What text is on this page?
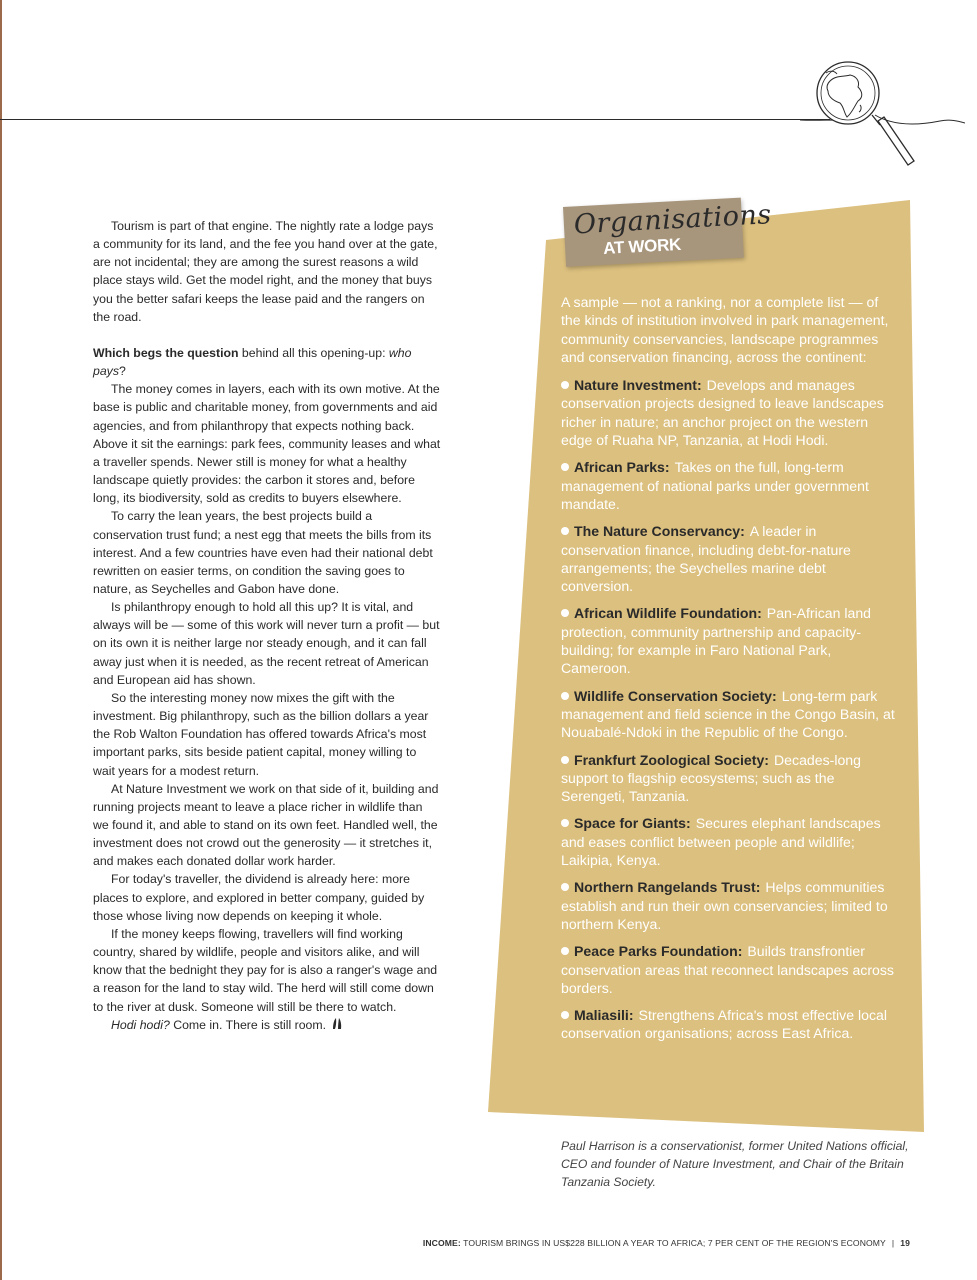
Tourism is part of that engine. The nightly rate a lodge pays a community for its land, and the fee you hand over at the gate, are not incidental; they are among the surest reasons a wild place stays wild. Get the model right, and the money that buys you the better safari keeps the lease paid and the rangers on the road.

Which begs the question behind all this opening-up: who pays?

The money comes in layers, each with its own motive. At the base is public and charitable money, from governments and aid agencies, and from philanthropy that expects nothing back. Above it sit the earnings: park fees, community leases and what a traveller spends. Newer still is money for what a healthy landscape quietly provides: the carbon it stores and, before long, its biodiversity, sold as credits to buyers elsewhere.

To carry the lean years, the best projects build a conservation trust fund; a nest egg that meets the bills from its interest. And a few countries have even had their national debt rewritten on easier terms, on condition the saving goes to nature, as Seychelles and Gabon have done.

Is philanthropy enough to hold all this up? It is vital, and always will be — some of this work will never turn a profit — but on its own it is neither large nor steady enough, and it can fall away just when it is needed, as the recent retreat of American and European aid has shown.

So the interesting money now mixes the gift with the investment. Big philanthropy, such as the billion dollars a year the Rob Walton Foundation has offered towards Africa's most important parks, sits beside patient capital, money willing to wait years for a modest return.

At Nature Investment we work on that side of it, building and running projects meant to leave a place richer in wildlife than we found it, and able to stand on its own feet. Handled well, the investment does not crowd out the generosity — it stretches it, and makes each donated dollar work harder.

For today's traveller, the dividend is already here: more places to explore, and explored in better company, guided by those whose living now depends on keeping it whole.

If the money keeps flowing, travellers will find working country, shared by wildlife, people and visitors alike, and will know that the bednight they pay for is also a ranger's wage and a reason for the land to stay wild. The herd will still come down to the river at dusk. Someone will still be there to watch.

Hodi hodi? Come in. There is still room.

Organisations
AT WORK

A sample — not a ranking, nor a complete list — of the kinds of institution involved in park management, community conservancies, landscape programmes and conservation financing, across the continent:

Nature Investment: Develops and manages conservation projects designed to leave landscapes richer in nature; an anchor project on the western edge of Ruaha NP, Tanzania, at Hodi Hodi.

African Parks: Takes on the full, long-term management of national parks under government mandate.

The Nature Conservancy: A leader in conservation finance, including debt-for-nature arrangements; the Seychelles marine debt conversion.

African Wildlife Foundation: Pan-African land protection, community partnership and capacity-building; for example in Faro National Park, Cameroon.

Wildlife Conservation Society: Long-term park management and field science in the Congo Basin, at Nouabalé-Ndoki in the Republic of the Congo.

Frankfurt Zoological Society: Decades-long support to flagship ecosystems; such as the Serengeti, Tanzania.

Space for Giants: Secures elephant landscapes and eases conflict between people and wildlife; Laikipia, Kenya.

Northern Rangelands Trust: Helps communities establish and run their own conservancies; limited to northern Kenya.

Peace Parks Foundation: Builds transfrontier conservation areas that reconnect landscapes across borders.

Maliasili: Strengthens Africa's most effective local conservation organisations; across East Africa.

Paul Harrison is a conservationist, former United Nations official, CEO and founder of Nature Investment, and Chair of the Britain Tanzania Society.
INCOME: TOURISM BRINGS IN US$228 BILLION A YEAR TO AFRICA; 7 PER CENT OF THE REGION'S ECONOMY | 19
